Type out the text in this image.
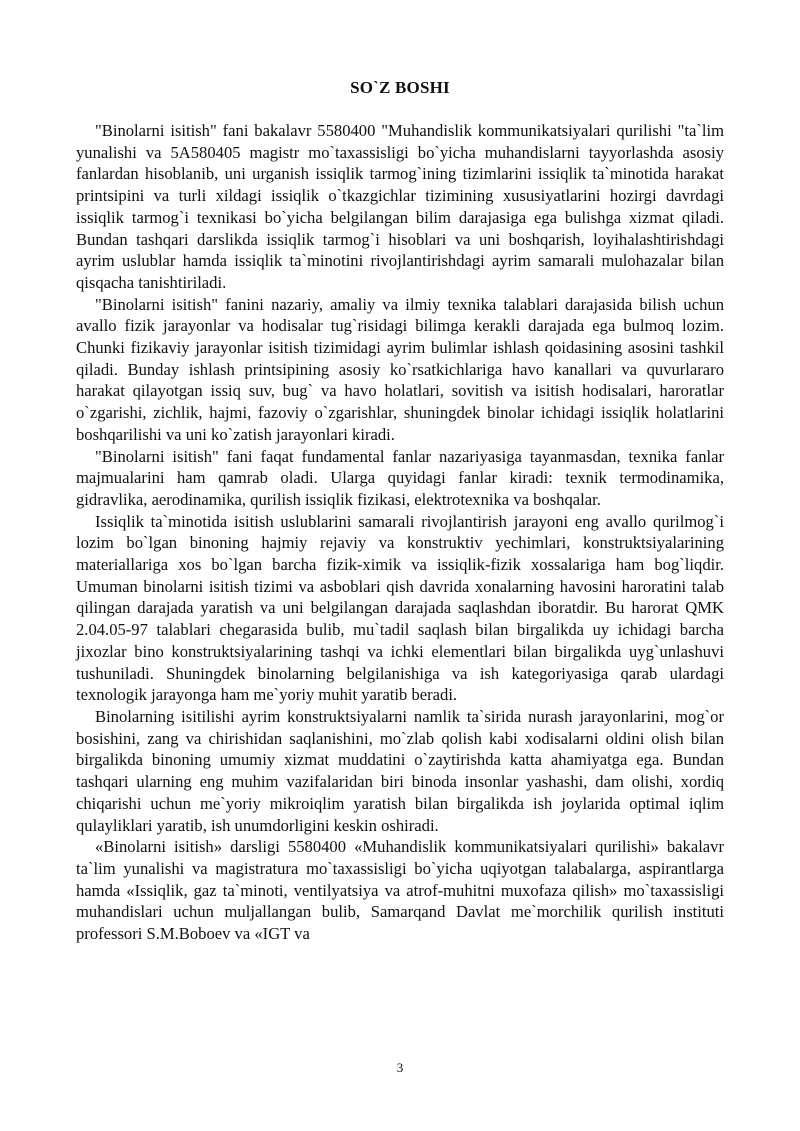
SO`Z BOSHI

"Binolarni isitish" fani bakalavr 5580400 "Muhandislik kommunikatsiyalari qurilishi "ta`lim yunalishi va 5A580405 magistr mo`taxassisligi bo`yicha muhandislarni tayyorlashda asosiy fanlardan hisoblanib, uni urganish issiqlik tarmog`ining tizimlarini issiqlik ta`minotida harakat printsipini va turli xildagi issiqlik o`tkazgichlar tizimining xususiyatlarini hozirgi davrdagi issiqlik tarmog`i texnikasi bo`yicha belgilangan bilim darajasiga ega bulishga xizmat qiladi. Bundan tashqari darslikda issiqlik tarmog`i hisoblari va uni boshqarish, loyihalashtirishdagi ayrim uslublar hamda issiqlik ta`minotini rivojlantirishdagi ayrim samarali mulohazalar bilan qisqacha tanishtiriladi.

"Binolarni isitish" fanini nazariy, amaliy va ilmiy texnika talablari darajasida bilish uchun avallo fizik jarayonlar va hodisalar tug`risidagi bilimga kerakli darajada ega bulmoq lozim. Chunki fizikaviy jarayonlar isitish tizimidagi ayrim bulimlar ishlash qoidasining asosini tashkil qiladi. Bunday ishlash printsipining asosiy ko`rsatkichlariga havo kanallari va quvurlararo harakat qilayotgan issiq suv, bug` va havo holatlari, sovitish va isitish hodisalari, haroratlar o`zgarishi, zichlik, hajmi, fazoviy o`zgarishlar, shuningdek binolar ichidagi issiqlik holatlarini boshqarilishi va uni ko`zatish jarayonlari kiradi.

"Binolarni isitish" fani faqat fundamental fanlar nazariyasiga tayanmasdan, texnika fanlar majmualarini ham qamrab oladi. Ularga quyidagi fanlar kiradi: texnik termodinamika, gidravlika, aerodinamika, qurilish issiqlik fizikasi, elektrotexnika va boshqalar.

Issiqlik ta`minotida isitish uslublarini samarali rivojlantirish jarayoni eng avallo qurilmog`i lozim bo`lgan binoning hajmiy rejaviy va konstruktiv yechimlari, konstruktsiyalarining materiallariga xos bo`lgan barcha fizik-ximik va issiqlik-fizik xossalariga ham bog`liqdir. Umuman binolarni isitish tizimi va asboblari qish davrida xonalarning havosini haroratini talab qilingan darajada yaratish va uni belgilangan darajada saqlashdan iboratdir. Bu harorat QMK 2.04.05-97 talablari chegarasida bulib, mu`tadil saqlash bilan birgalikda uy ichidagi barcha jixozlar bino konstruktsiyalarining tashqi va ichki elementlari bilan birgalikda uyg`unlashuvi tushuniladi. Shuningdek binolarning belgilanishiga va ish kategoriyasiga qarab ulardagi texnologik jarayonga ham me`yoriy muhit yaratib beradi.

Binolarning isitilishi ayrim konstruktsiyalarni namlik ta`sirida nurash jarayonlarini, mog`or bosishini, zang va chirishidan saqlanishini, mo`zlab qolish kabi xodisalarni oldini olish bilan birgalikda binoning umumiy xizmat muddatini o`zaytirishda katta ahamiyatga ega. Bundan tashqari ularning eng muhim vazifalaridan biri binoda insonlar yashashi, dam olishi, xordiq chiqarishi uchun me`yoriy mikroiqlim yaratish bilan birgalikda ish joylarida optimal iqlim qulayliklari yaratib, ish unumdorligini keskin oshiradi.

«Binolarni isitish» darsligi 5580400 «Muhandislik kommunikatsiyalari qurilishi» bakalavr ta`lim yunalishi va magistratura mo`taxassisligi bo`yicha uqiyotgan talabalarga, aspirantlarga hamda «Issiqlik, gaz ta`minoti, ventilyatsiya va atrof-muhitni muxofaza qilish» mo`taxassisligi muhandislari uchun muljallangan bulib, Samarqand Davlat me`morchilik qurilish instituti professori S.M.Boboev va «IGT va

3
